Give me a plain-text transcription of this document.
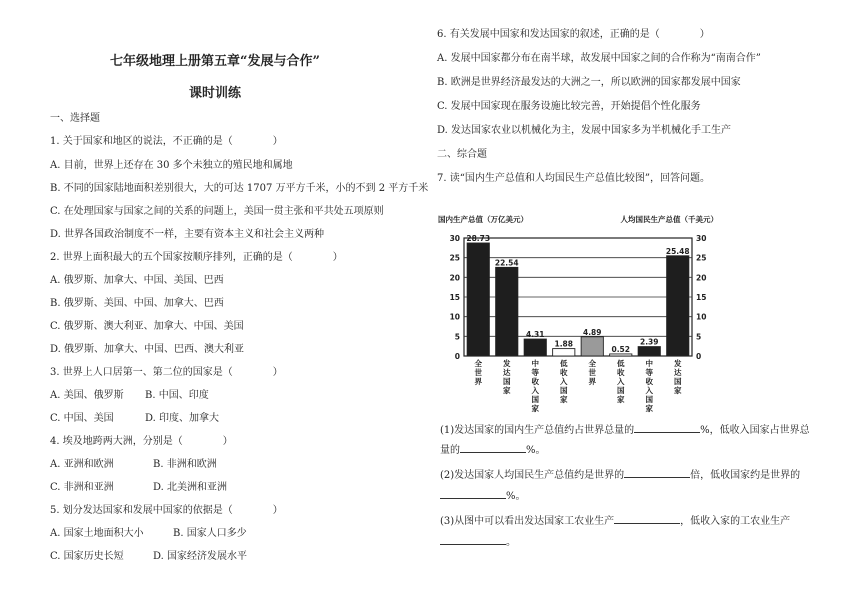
七年级地理上册第五章“发展与合作”
课时训练
一、选择题
1. 关于国家和地区的说法，不正确的是（　　　　）
A. 目前，世界上还存在 30 多个未独立的殖民地和属地
B. 不同的国家陆地面积差别很大，大的可达 1707 万平方千米，小的不到 2 平方千米
C. 在处理国家与国家之间的关系的问题上，美国一贯主张和平共处五项原则
D. 世界各国政治制度不一样，主要有资本主义和社会主义两种
2. 世界上面积最大的五个国家按顺序排列，正确的是（　　　　）
A. 俄罗斯、加拿大、中国、美国、巴西
B. 俄罗斯、美国、中国、加拿大、巴西
C. 俄罗斯、澳大利亚、加拿大、中国、美国
D. 俄罗斯、加拿大、中国、巴西、澳大利亚
3. 世界上人口居第一、第二位的国家是（　　　　）
A. 美国、俄罗斯 B. 中国、印度
C. 中国、美国	D. 印度、加拿大
4. 埃及地跨两大洲，分别是（　　　　）
A. 亚洲和欧洲	B. 非洲和欧洲
C. 非洲和亚洲	D. 北美洲和亚洲
5. 划分发达国家和发展中国家的依据是（　　　　）
A. 国家土地面积大小	B. 国家人口多少
C. 国家历史长短	D. 国家经济发展水平
6. 有关发展中国家和发达国家的叙述，正确的是（　　　　）
A. 发展中国家都分布在南半球，故发展中国家之间的合作称为“南南合作”
B. 欧洲是世界经济最发达的大洲之一，所以欧洲的国家都发展中国家
C. 发展中国家现在服务设施比较完善，开始提倡个性化服务
D. 发达国家农业以机械化为主，发展中国家多为半机械化手工生产
二、综合题
7. 读“国内生产总值和人均国民生产总值比较图”，回答问题。
国内生产总值（万亿美元）	人均国民生产总值（千美元）
0	0
5	5
10	10
15	15
20	20
25	25
30	30
28.73
全世界
22.54
发达国家
4.31
中等收入国家
1.88
低收入国家
4.89
全世界
0.52
低收入国家
2.39
中等收入国家
25.48
发达国家
(1)发达国家的国内生产总值约占世界总量的	%，低收入国家占世界总
量的	%。
(2)发达国家人均国民生产总值约是世界的	倍，低收国家约是世界的
%。
(3)从图中可以看出发达国家工农业生产	，低收入家的工农业生产
。
